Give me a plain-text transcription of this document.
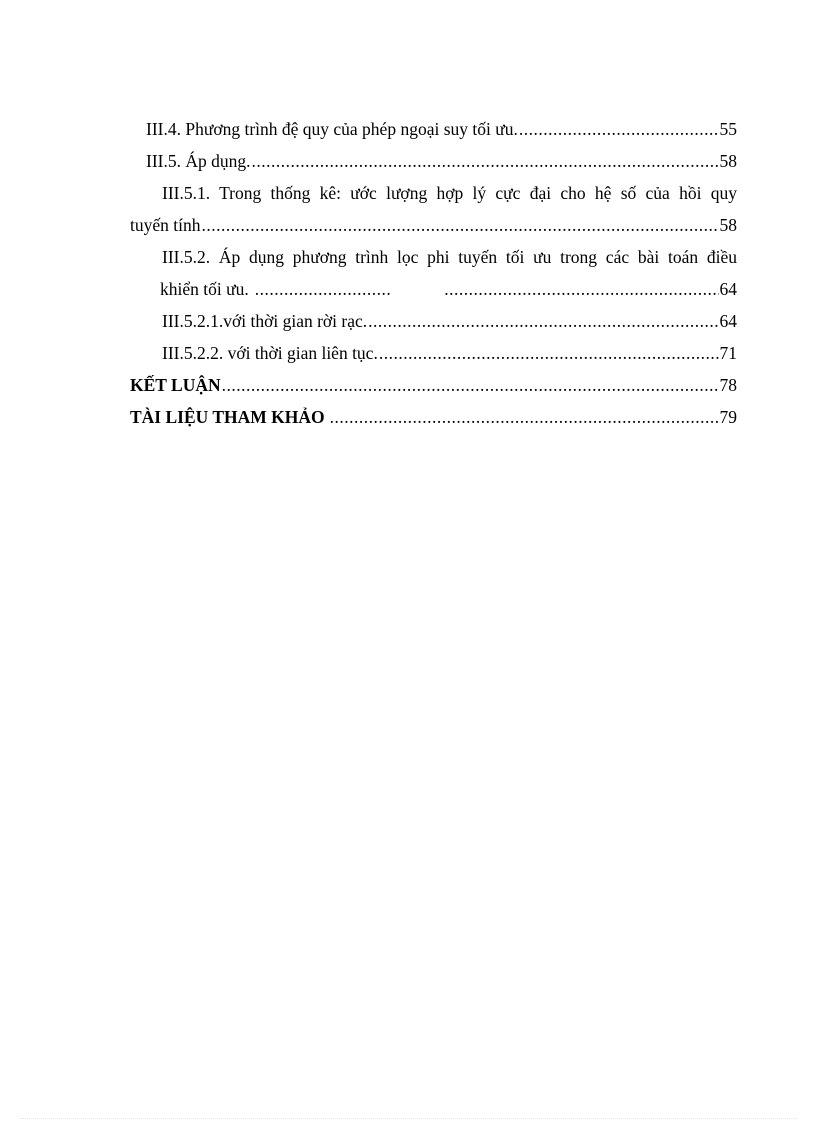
III.4. Phương trình đệ quy của phép ngoại suy tối ưu. .....	55
III.5. Áp dụng. .....	58
III.5.1. Trong thống kê: ước lượng hợp lý cực đại cho hệ số của hồi quy
tuyến tính .....	58
III.5.2. Áp dụng phương trình lọc phi tuyến tối ưu trong các bài toán điều
khiển tối ưu. ..... .....	64
III.5.2.1.với thời gian rời rạc. .....	64
III.5.2.2. với thời gian liên tục. .....	71
KẾT LUẬN .....	78
TÀI LIỆU THAM KHẢO .....	79
